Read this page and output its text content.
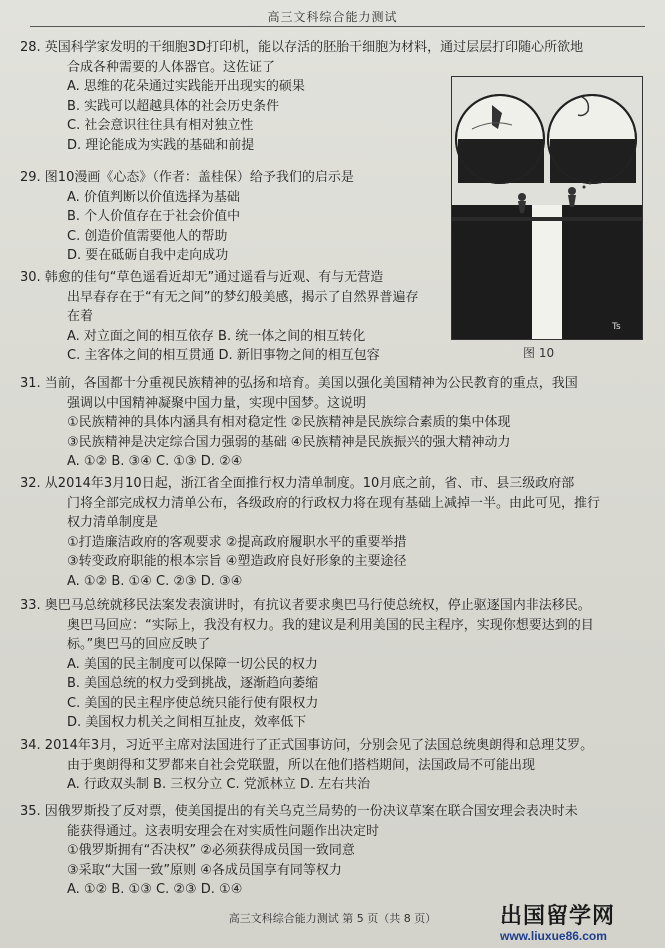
高三文科综合能力测试
28. 英国科学家发明的干细胞3D打印机，能以存活的胚胎干细胞为材料，通过层层打印随心所欲地
合成各种需要的人体器官。这佐证了
A. 思维的花朵通过实践能开出现实的硕果
B. 实践可以超越具体的社会历史条件
C. 社会意识往往具有相对独立性
D. 理论能成为实践的基础和前提
29. 图10漫画《心态》（作者：盖桂保）给予我们的启示是
A. 价值判断以价值选择为基础
B. 个人价值存在于社会价值中
C. 创造价值需要他人的帮助
D. 要在砥砺自我中走向成功
30. 韩愈的佳句“草色遥看近却无”通过遥看与近观、有与无营造
出早春存在于“有无之间”的梦幻般美感，揭示了自然界普遍存
在着
A. 对立面之间的相互依存 B. 统一体之间的相互转化
C. 主客体之间的相互贯通 D. 新旧事物之间的相互包容
Ts
图 10
31. 当前，各国都十分重视民族精神的弘扬和培育。美国以强化美国精神为公民教育的重点，我国
强调以中国精神凝聚中国力量，实现中国梦。这说明
①民族精神的具体内涵具有相对稳定性 ②民族精神是民族综合素质的集中体现
③民族精神是决定综合国力强弱的基础 ④民族精神是民族振兴的强大精神动力
A. ①② B. ③④ C. ①③ D. ②④
32. 从2014年3月10日起，浙江省全面推行权力清单制度。10月底之前，省、市、县三级政府部
门将全部完成权力清单公布，各级政府的行政权力将在现有基础上减掉一半。由此可见，推行
权力清单制度是
①打造廉洁政府的客观要求 ②提高政府履职水平的重要举措
③转变政府职能的根本宗旨 ④塑造政府良好形象的主要途径
A. ①② B. ①④ C. ②③ D. ③④
33. 奥巴马总统就移民法案发表演讲时，有抗议者要求奥巴马行使总统权，停止驱逐国内非法移民。
奥巴马回应：“实际上，我没有权力。我的建议是利用美国的民主程序，实现你想要达到的目
标。”奥巴马的回应反映了
A. 美国的民主制度可以保障一切公民的权力
B. 美国总统的权力受到挑战，逐渐趋向萎缩
C. 美国的民主程序使总统只能行使有限权力
D. 美国权力机关之间相互扯皮，效率低下
34. 2014年3月，习近平主席对法国进行了正式国事访问，分别会见了法国总统奥朗得和总理艾罗。
由于奥朗得和艾罗都来自社会党联盟，所以在他们搭档期间，法国政局不可能出现
A. 行政双头制 B. 三权分立 C. 党派林立 D. 左右共治
35. 因俄罗斯投了反对票，使美国提出的有关乌克兰局势的一份决议草案在联合国安理会表决时未
能获得通过。这表明安理会在对实质性问题作出决定时
①俄罗斯拥有“否决权” ②必须获得成员国一致同意
③采取“大国一致”原则 ④各成员国享有同等权力
A. ①② B. ①③ C. ②③ D. ①④
高三文科综合能力测试 第 5 页（共 8 页）	出国留学网
www.liuxue86.com
